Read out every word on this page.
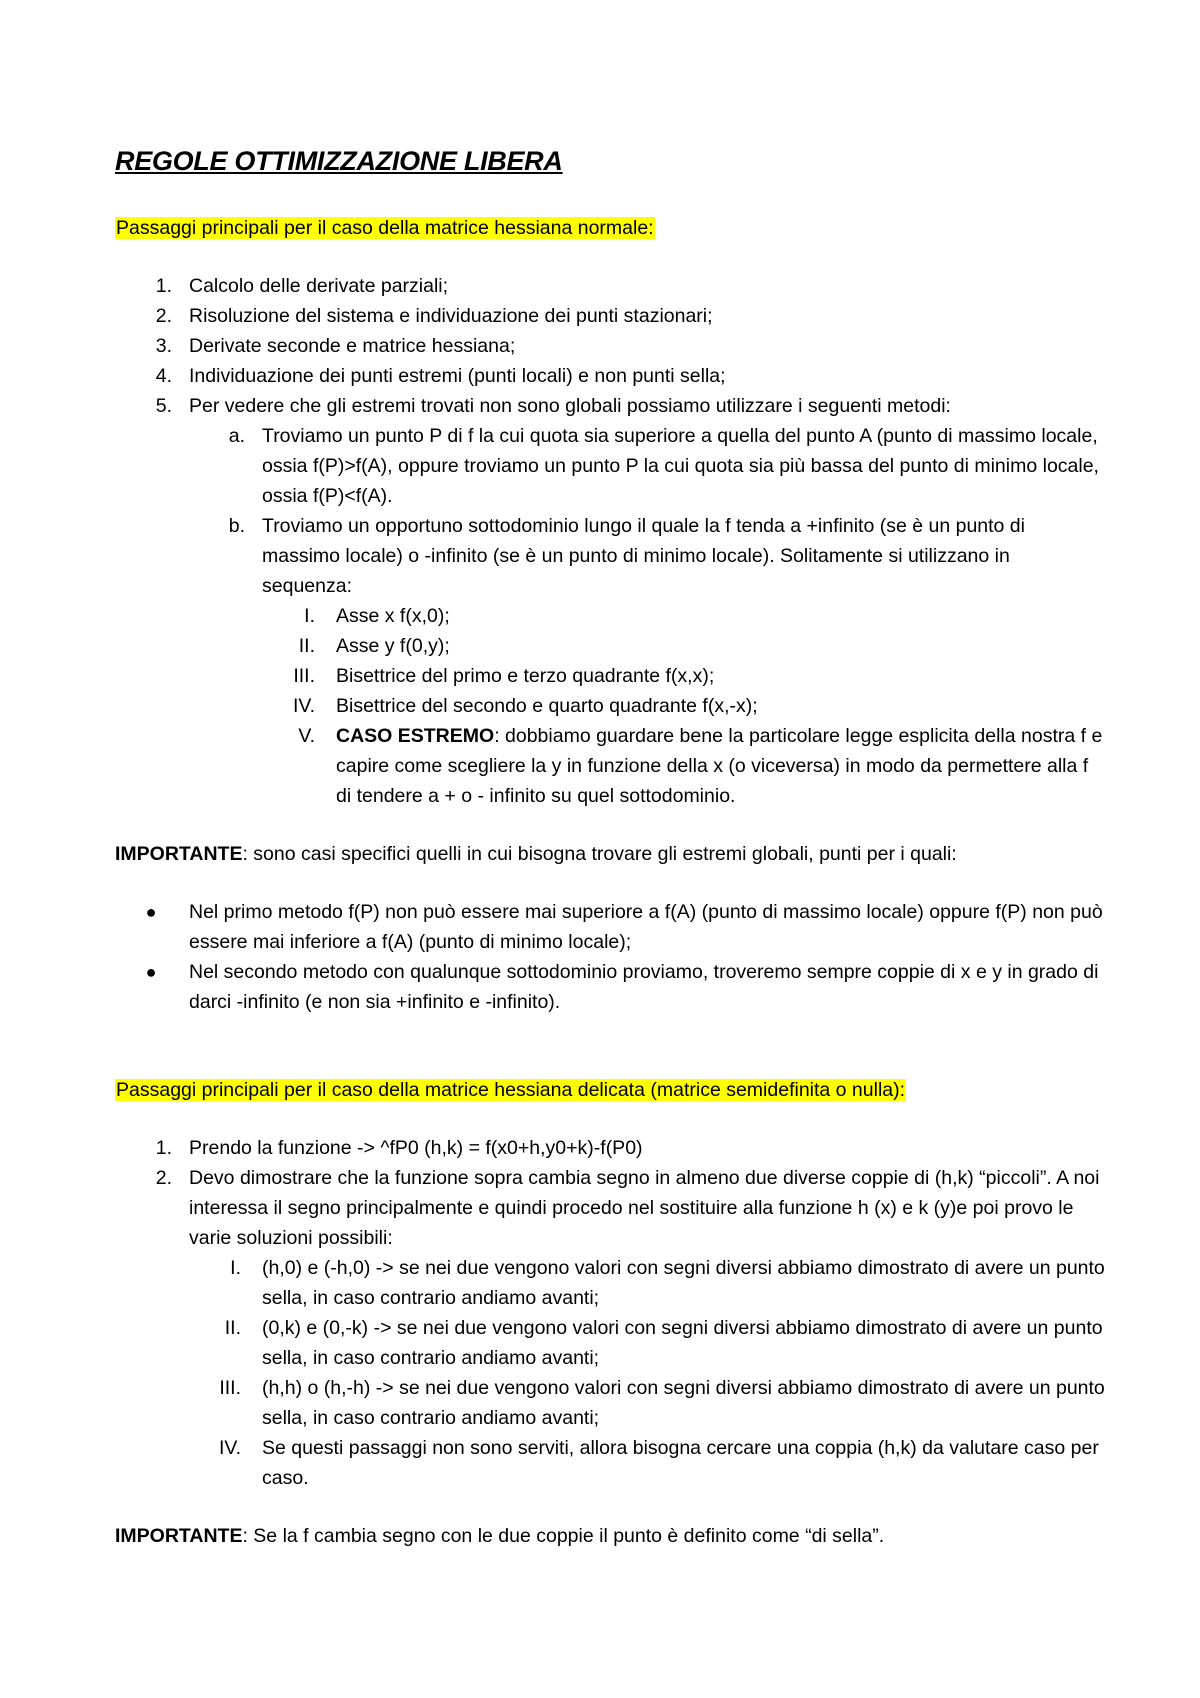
REGOLE OTTIMIZZAZIONE LIBERA

Passaggi principali per il caso della matrice hessiana normale:

1. Calcolo delle derivate parziali;
2. Risoluzione del sistema e individuazione dei punti stazionari;
3. Derivate seconde e matrice hessiana;
4. Individuazione dei punti estremi (punti locali) e non punti sella;
5. Per vedere che gli estremi trovati non sono globali possiamo utilizzare i seguenti metodi:
a. Troviamo un punto P di f la cui quota sia superiore a quella del punto A (punto di massimo locale, ossia f(P)>f(A), oppure troviamo un punto P la cui quota sia più bassa del punto di minimo locale, ossia f(P)<f(A).
b. Troviamo un opportuno sottodominio lungo il quale la f tenda a +infinito (se è un punto di massimo locale) o -infinito (se è un punto di minimo locale). Solitamente si utilizzano in sequenza:
I. Asse x f(x,0);
II. Asse y f(0,y);
III. Bisettrice del primo e terzo quadrante f(x,x);
IV. Bisettrice del secondo e quarto quadrante f(x,-x);
V. CASO ESTREMO: dobbiamo guardare bene la particolare legge esplicita della nostra f e capire come scegliere la y in funzione della x (o viceversa) in modo da permettere alla f di tendere a + o - infinito su quel sottodominio.

IMPORTANTE: sono casi specifici quelli in cui bisogna trovare gli estremi globali, punti per i quali:

● Nel primo metodo f(P) non può essere mai superiore a f(A) (punto di massimo locale) oppure f(P) non può essere mai inferiore a f(A) (punto di minimo locale);
● Nel secondo metodo con qualunque sottodominio proviamo, troveremo sempre coppie di x e y in grado di darci -infinito (e non sia +infinito e -infinito).

Passaggi principali per il caso della matrice hessiana delicata (matrice semidefinita o nulla):

1. Prendo la funzione -> ^fP0 (h,k) = f(x0+h,y0+k)-f(P0)
2. Devo dimostrare che la funzione sopra cambia segno in almeno due diverse coppie di (h,k) “piccoli”. A noi interessa il segno principalmente e quindi procedo nel sostituire alla funzione h (x) e k (y)e poi provo le varie soluzioni possibili:
I. (h,0) e (-h,0) -> se nei due vengono valori con segni diversi abbiamo dimostrato di avere un punto sella, in caso contrario andiamo avanti;
II. (0,k) e (0,-k) -> se nei due vengono valori con segni diversi abbiamo dimostrato di avere un punto sella, in caso contrario andiamo avanti;
III. (h,h) o (h,-h) -> se nei due vengono valori con segni diversi abbiamo dimostrato di avere un punto sella, in caso contrario andiamo avanti;
IV. Se questi passaggi non sono serviti, allora bisogna cercare una coppia (h,k) da valutare caso per caso.

IMPORTANTE: Se la f cambia segno con le due coppie il punto è definito come “di sella”.
